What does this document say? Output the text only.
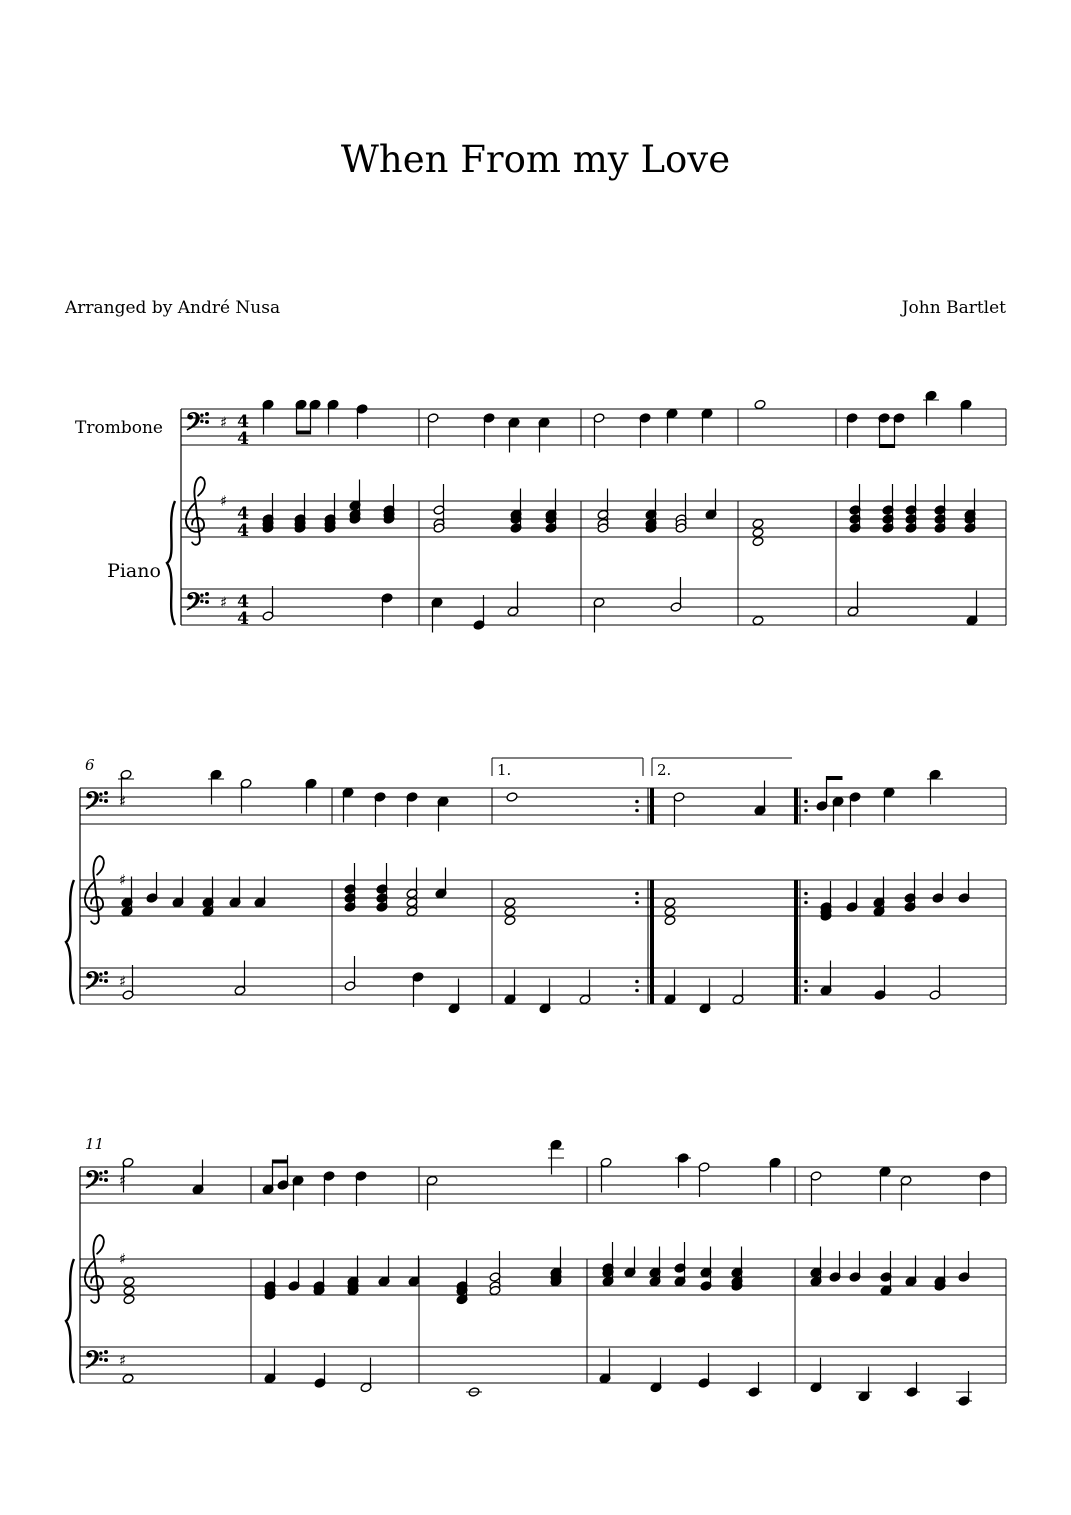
When From my Love
Arranged by André Nusa	John Bartlet
Trombone
Piano
6
11
1.	2.
4
4
4
4
4
4
𝄢
𝄢
♯
♯
♯
𝄢
𝄢
♯
♯
♯
𝄢
𝄢
♯
♯
♯
